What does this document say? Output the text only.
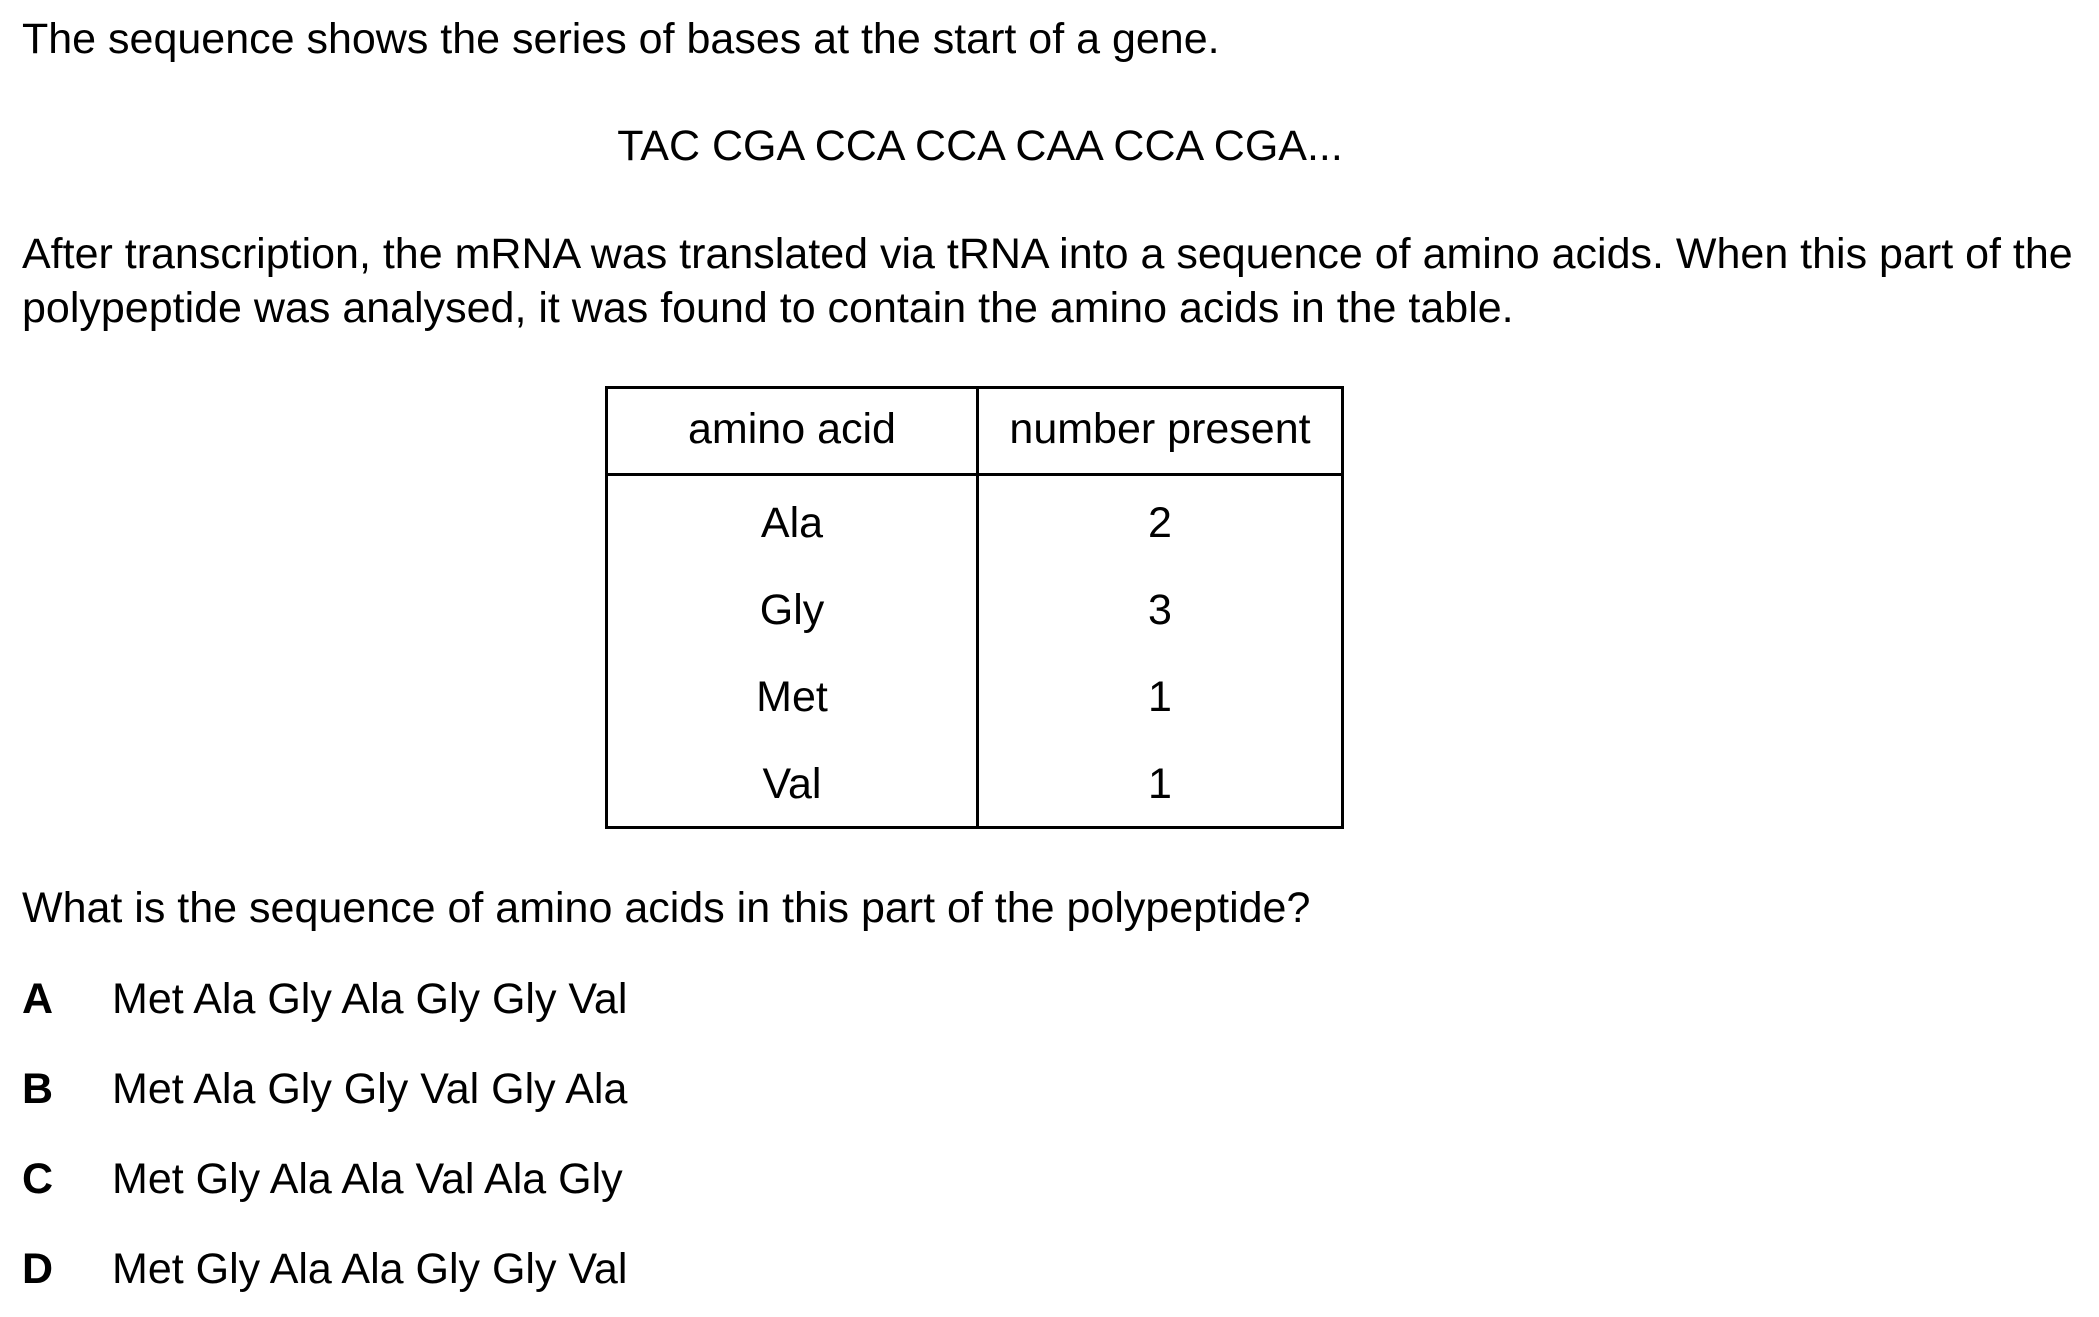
The sequence shows the series of bases at the start of a gene.

TAC CGA CCA CCA CAA CCA CGA...

After transcription, the mRNA was translated via tRNA into a sequence of amino acids. When this part of the polypeptide was analysed, it was found to contain the amino acids in the table.

amino acid	number present
Ala	2
Gly	3
Met	1
Val	1

What is the sequence of amino acids in this part of the polypeptide?

A Met Ala Gly Ala Gly Gly Val
B Met Ala Gly Gly Val Gly Ala
C Met Gly Ala Ala Val Ala Gly
D Met Gly Ala Ala Gly Gly Val
